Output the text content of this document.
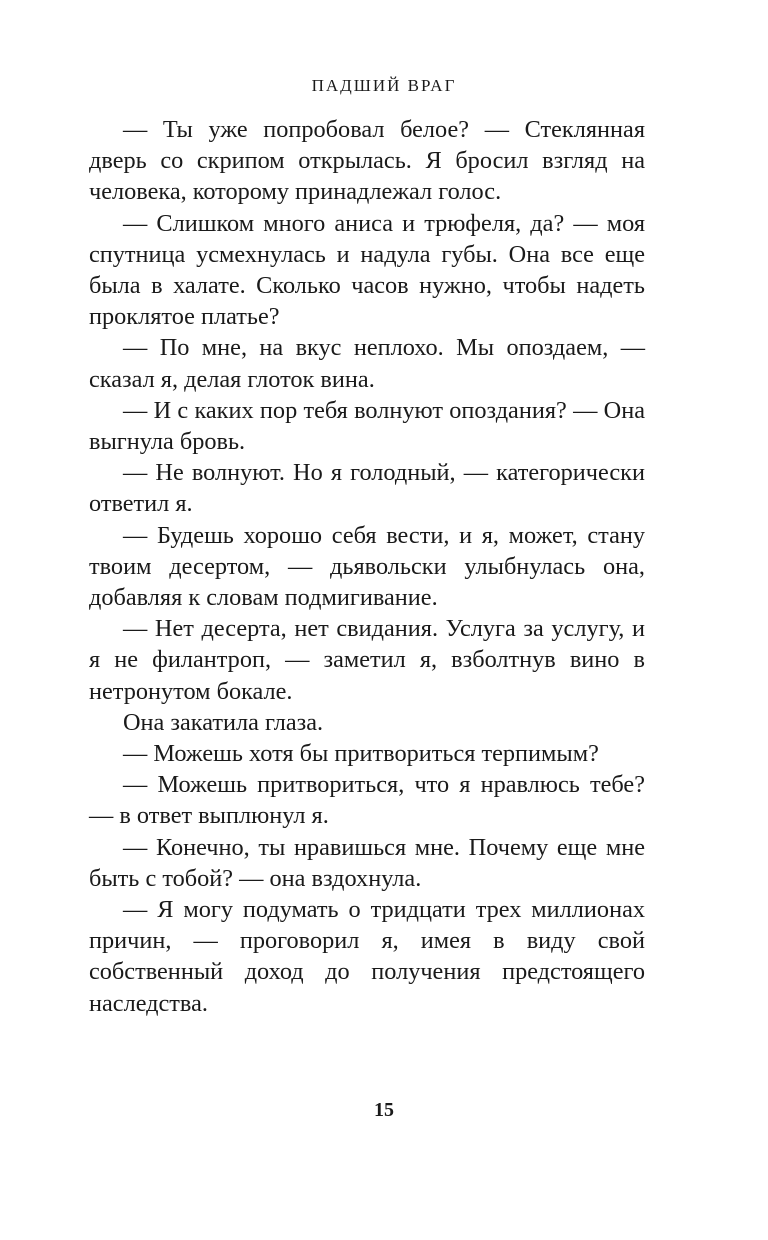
ПАДШИЙ ВРАГ

— Ты уже попробовал белое? — Стеклянная дверь со скрипом открылась. Я бросил взгляд на человека, которому принадлежал голос.

— Слишком много аниса и трюфеля, да? — моя спутница усмехнулась и надула губы. Она все еще была в халате. Сколько часов нужно, чтобы надеть проклятое платье?

— По мне, на вкус неплохо. Мы опоздаем, — сказал я, делая глоток вина.

— И с каких пор тебя волнуют опоздания? — Она выгнула бровь.

— Не волнуют. Но я голодный, — категорически ответил я.

— Будешь хорошо себя вести, и я, может, стану твоим десертом, — дьявольски улыбнулась она, добавляя к словам подмигивание.

— Нет десерта, нет свидания. Услуга за услугу, и я не филантроп, — заметил я, взболтнув вино в нетронутом бокале.

Она закатила глаза.

— Можешь хотя бы притвориться терпимым?

— Можешь притвориться, что я нравлюсь тебе? — в ответ выплюнул я.

— Конечно, ты нравишься мне. Почему еще мне быть с тобой? — она вздохнула.

— Я могу подумать о тридцати трех миллионах причин, — проговорил я, имея в виду свой собственный доход до получения предстоящего наследства.

15
